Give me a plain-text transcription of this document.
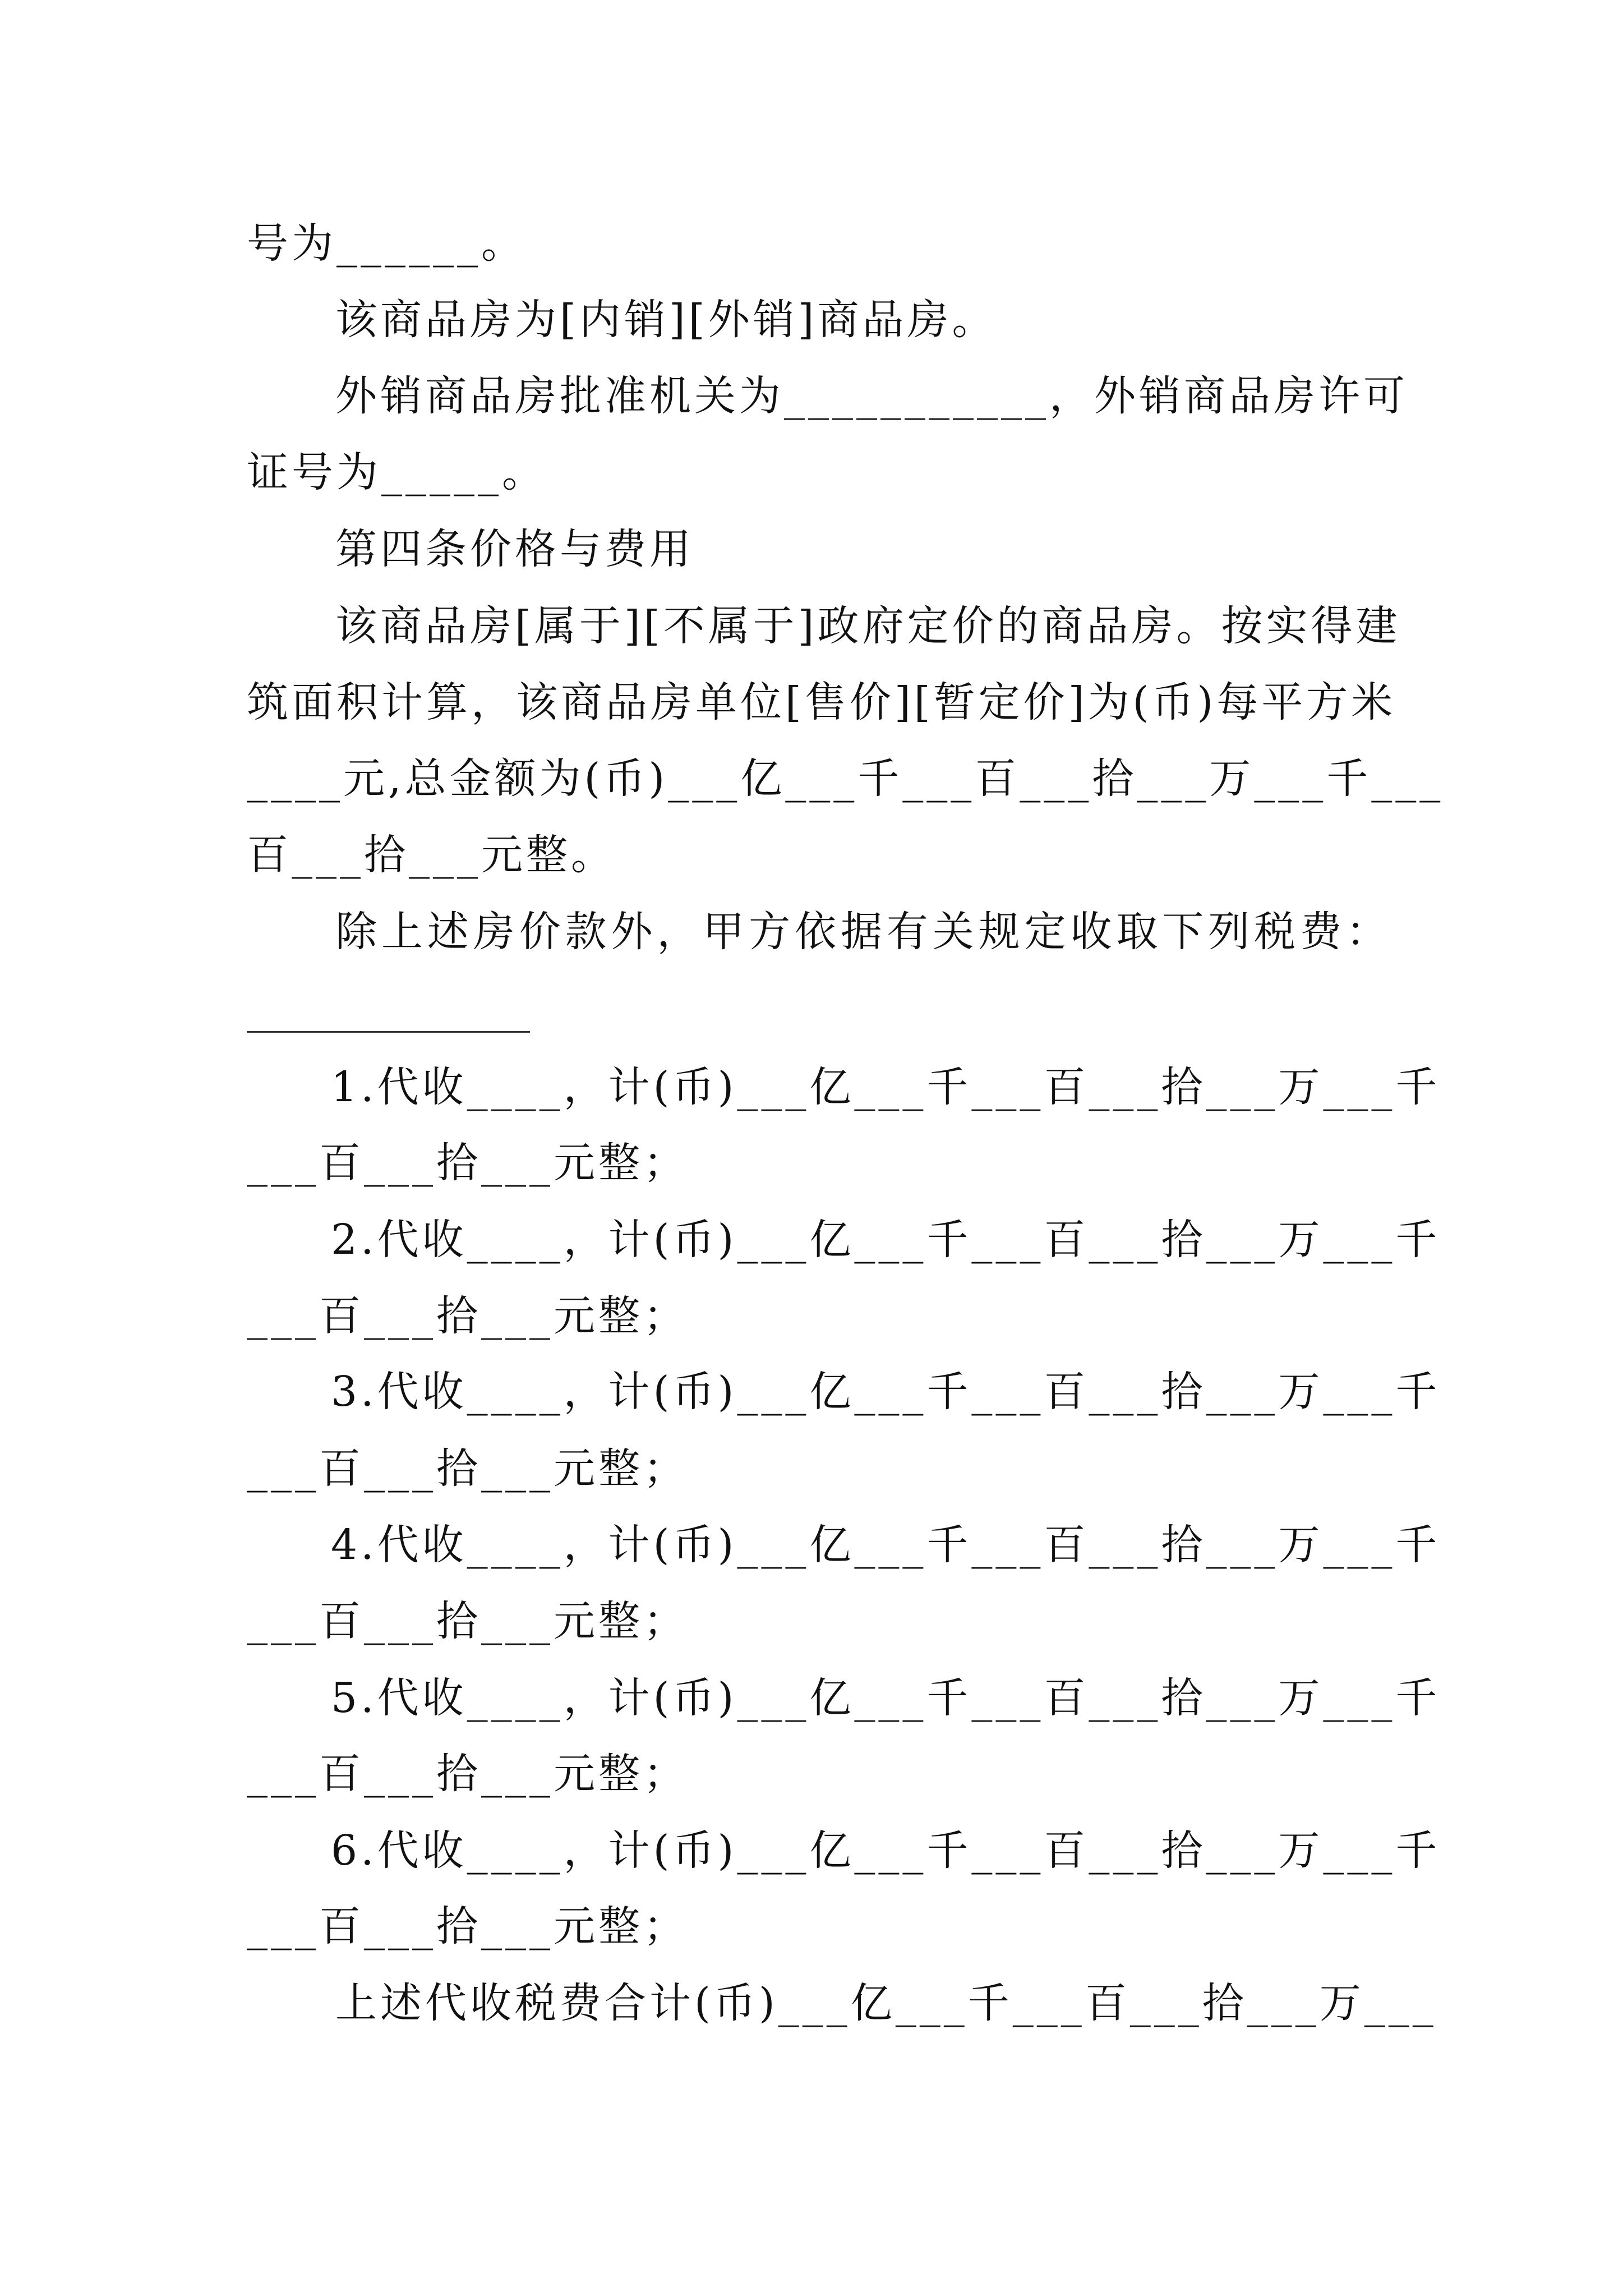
号为______。
该商品房为[内销][外销]商品房。
外销商品房批准机关为___________，外销商品房许可
证号为_____。
第四条价格与费用
该商品房[属于][不属于]政府定价的商品房。按实得建
筑面积计算，该商品房单位[售价][暂定价]为(币)每平方米
____元,总金额为(币)___亿___千___百___拾___万___千___
百___拾___元整。
除上述房价款外，甲方依据有关规定收取下列税费：
1.代收____，计(币)___亿___千___百___拾___万___千
___百___拾___元整；
2.代收____，计(币)___亿___千___百___拾___万___千
___百___拾___元整；
3.代收____，计(币)___亿___千___百___拾___万___千
___百___拾___元整；
4.代收____，计(币)___亿___千___百___拾___万___千
___百___拾___元整；
5.代收____，计(币)___亿___千___百___拾___万___千
___百___拾___元整；
6.代收____，计(币)___亿___千___百___拾___万___千
___百___拾___元整；
上述代收税费合计(币)___亿___千___百___拾___万___
